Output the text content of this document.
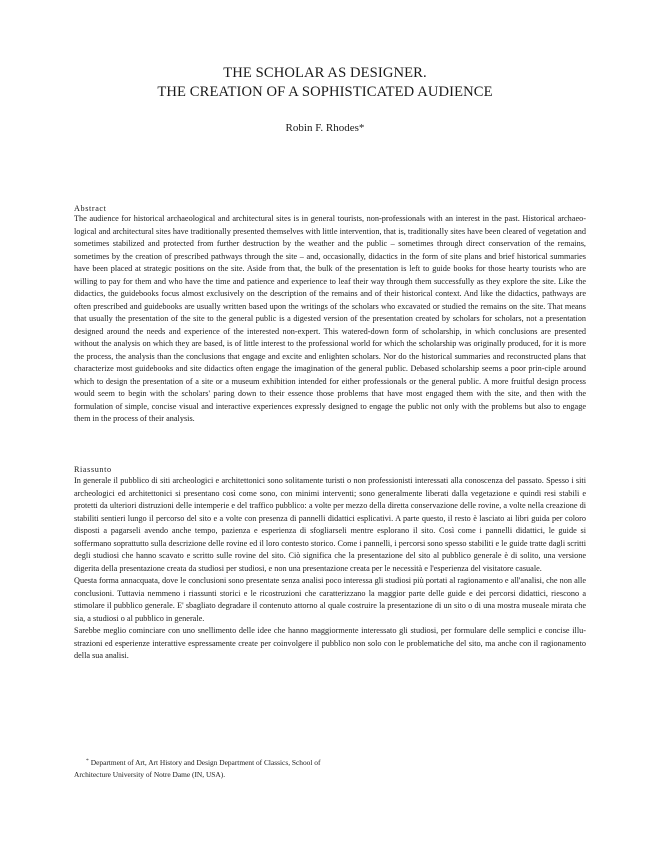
THE SCHOLAR AS DESIGNER.
THE CREATION OF A SOPHISTICATED AUDIENCE
Robin F. Rhodes*
Abstract

The audience for historical archaeological and architectural sites is in general tourists, non-professionals with an interest in the past. Historical archaeo-logical and architectural sites have traditionally presented themselves with little intervention, that is, traditionally sites have been cleared of vegetation and sometimes stabilized and protected from further destruction by the weather and the public – sometimes through direct conservation of the remains, sometimes by the creation of prescribed pathways through the site – and, occasionally, didactics in the form of site plans and brief historical summaries have been placed at strategic positions on the site. Aside from that, the bulk of the presentation is left to guide books for those hearty tourists who are willing to pay for them and who have the time and patience and experience to leaf their way through them successfully as they explore the site. Like the didactics, the guidebooks focus almost exclusively on the description of the remains and of their historical context. And like the didactics, pathways are often prescribed and guidebooks are usually written based upon the writings of the scholars who excavated or studied the remains on the site. That means that usually the presentation of the site to the general public is a digested version of the presentation created by scholars for scholars, not a presentation designed around the needs and experience of the interested non-expert. This watered-down form of scholarship, in which conclusions are presented without the analysis on which they are based, is of little interest to the professional world for which the scholarship was originally produced, for it is more the process, the analysis than the conclusions that engage and excite and enlighten scholars. Nor do the historical summaries and reconstructed plans that characterize most guidebooks and site didactics often engage the imagination of the general public. Debased scholarship seems a poor prin-ciple around which to design the presentation of a site or a museum exhibition intended for either professionals or the general public. A more fruitful design process would seem to begin with the scholars' paring down to their essence those problems that have most engaged them with the site, and then with the formulation of simple, concise visual and interactive experiences expressly designed to engage the public not only with the problems but also to engage them in the process of their analysis.

Riassunto

In generale il pubblico di siti archeologici e architettonici sono solitamente turisti o non professionisti interessati alla conoscenza del passato. Spesso i siti archeologici ed architettonici si presentano così come sono, con minimi interventi; sono generalmente liberati dalla vegetazione e quindi resi stabili e protetti da ulteriori distruzioni delle intemperie e del traffico pubblico: a volte per mezzo della diretta conservazione delle rovine, a volte nella creazione di stabiliti sentieri lungo il percorso del sito e a volte con presenza di pannelli didattici esplicativi. A parte questo, il resto è lasciato ai libri guida per coloro disposti a pagarseli avendo anche tempo, pazienza e esperienza di sfogliarseli mentre esplorano il sito. Così come i pannelli didattici, le guide si soffermano soprattutto sulla descrizione delle rovine ed il loro contesto storico. Come i pannelli, i percorsi sono spesso stabiliti e le guide tratte dagli scritti degli studiosi che hanno scavato e scritto sulle rovine del sito. Ciò significa che la presentazione del sito al pubblico generale è di solito, una versione digerita della presentazione creata da studiosi per studiosi, e non una presentazione creata per le necessità e l'esperienza del visitatore casuale.

Questa forma annacquata, dove le conclusioni sono presentate senza analisi poco interessa gli studiosi più portati al ragionamento e all'analisi, che non alle conclusioni. Tuttavia nemmeno i riassunti storici e le ricostruzioni che caratterizzano la maggior parte delle guide e dei percorsi didattici, riescono a stimolare il pubblico generale. E' sbagliato degradare il contenuto attorno al quale costruire la presentazione di un sito o di una mostra museale mirata che sia, a studiosi o al pubblico in generale.

Sarebbe meglio cominciare con uno snellimento delle idee che hanno maggiormente interessato gli studiosi, per formulare delle semplici e concise illu-strazioni ed esperienze interattive espressamente create per coinvolgere il pubblico non solo con le problematiche del sito, ma anche con il ragionamento della sua analisi.

* Department of Art, Art History and Design Department of Classics, School of
Architecture University of Notre Dame (IN, USA).
